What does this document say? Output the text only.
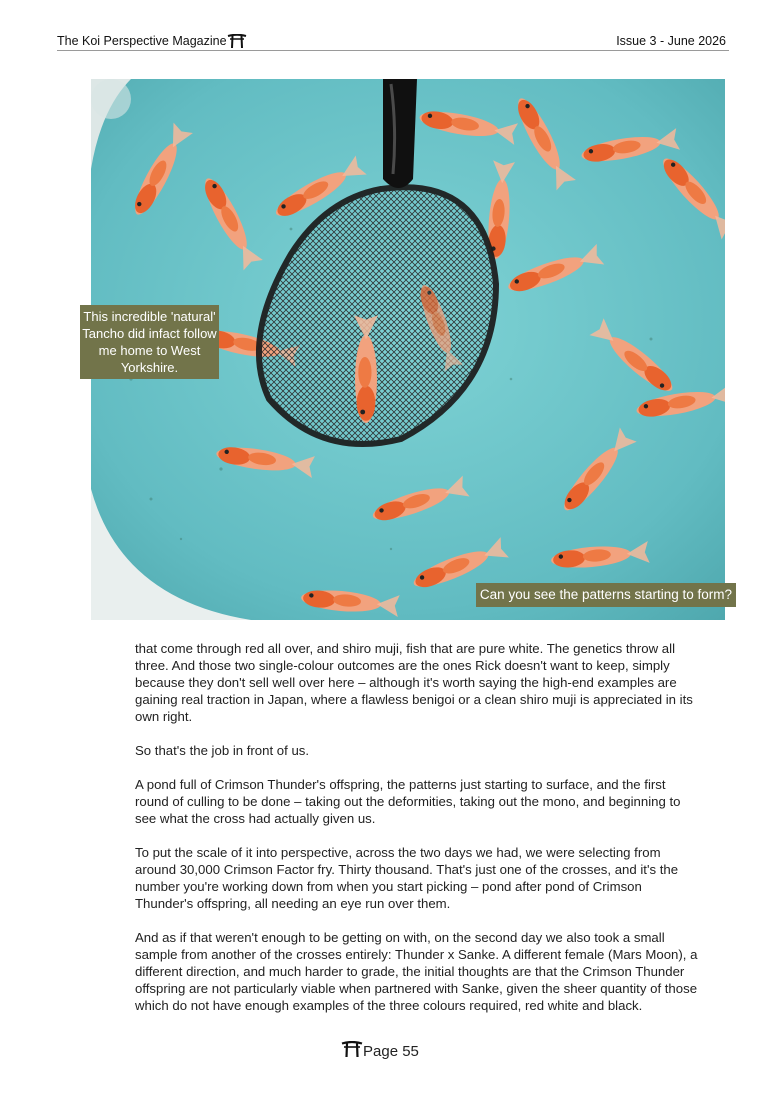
The Koi Perspective Magazine	Issue 3 - June 2026
This incredible 'natural' Tancho did infact follow me home to West Yorkshire.
Can you see the patterns starting to form?

that come through red all over, and shiro muji, fish that are pure white. The genetics throw all three. And those two single-colour outcomes are the ones Rick doesn't want to keep, simply because they don't sell well over here – although it's worth saying the high-end examples are gaining real traction in Japan, where a flawless benigoi or a clean shiro muji is appreciated in its own right.

So that's the job in front of us.

A pond full of Crimson Thunder's offspring, the patterns just starting to surface, and the first round of culling to be done – taking out the deformities, taking out the mono, and beginning to see what the cross had actually given us.

To put the scale of it into perspective, across the two days we had, we were selecting from around 30,000 Crimson Factor fry. Thirty thousand. That's just one of the crosses, and it's the number you're working down from when you start picking – pond after pond of Crimson Thunder's offspring, all needing an eye run over them.

And as if that weren't enough to be getting on with, on the second day we also took a small sample from another of the crosses entirely: Thunder x Sanke. A different female (Mars Moon), a different direction, and much harder to grade, the initial thoughts are that the Crimson Thunder offspring are not particularly viable when partnered with Sanke, given the sheer quantity of those which do not have enough examples of the three colours required, red white and black.

Page 55
